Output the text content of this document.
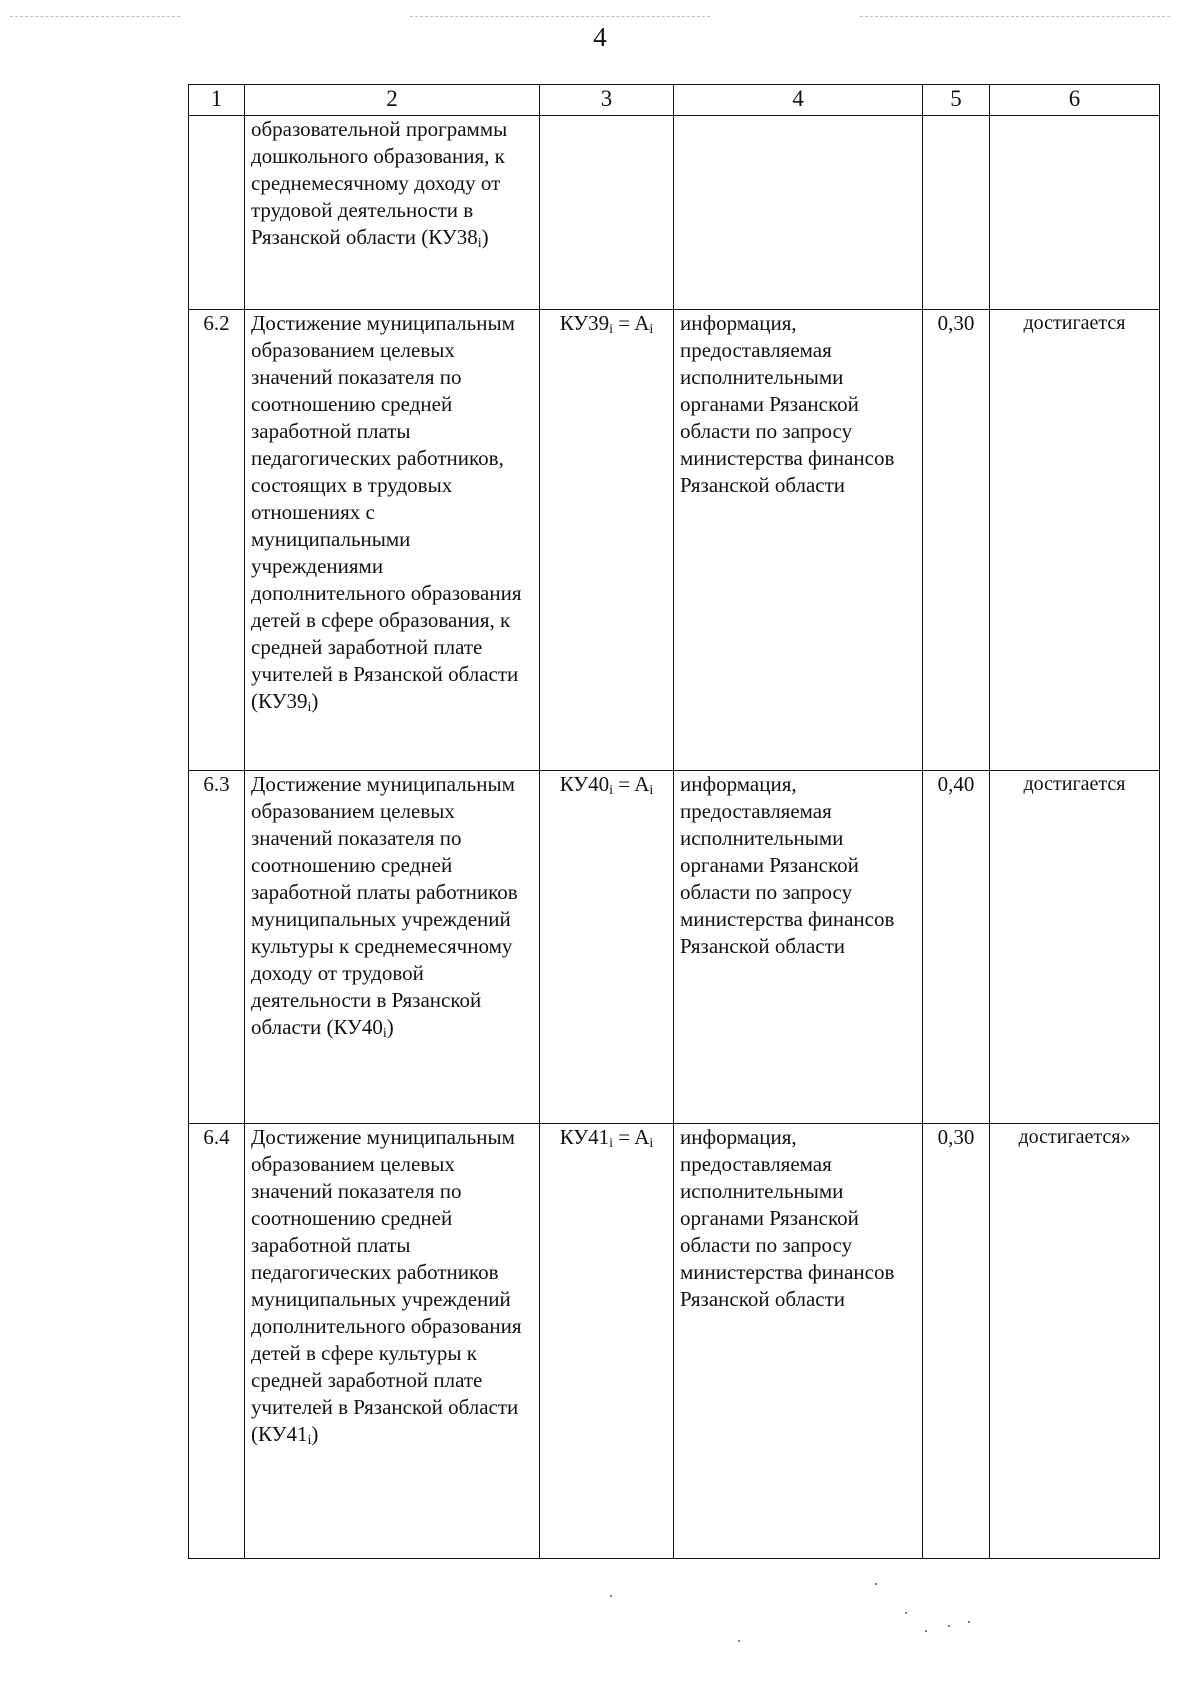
4
1	2	3	4	5	6
	образовательной программы дошкольного образования, к среднемесячному доходу от трудовой деятельности в Рязанской области $(КУ38_i)$				
6.2	Достижение муниципальным образованием целевых значений показателя по соотношению средней заработной платы педагогических работников, состоящих в трудовых отношениях с муниципальными учреждениями дополнительного образования детей в сфере образования, к средней заработной плате учителей в Рязанской области $(КУ39_i)$	$КУ39_i = A_i$	информация, предоставляемая исполнительными органами Рязанской области по запросу министерства финансов Рязанской области	0,30	достигается
6.3	Достижение муниципальным образованием целевых значений показателя по соотношению средней заработной платы работников муниципальных учреждений культуры к среднемесячному доходу от трудовой деятельности в Рязанской области $(КУ40_i)$	$КУ40_i = A_i$	информация, предоставляемая исполнительными органами Рязанской области по запросу министерства финансов Рязанской области	0,40	достигается
6.4	Достижение муниципальным образованием целевых значений показателя по соотношению средней заработной платы педагогических работников муниципальных учреждений дополнительного образования детей в сфере культуры к средней заработной плате учителей в Рязанской области $(КУ41_i)$	$КУ41_i = A_i$	информация, предоставляемая исполнительными органами Рязанской области по запросу министерства финансов Рязанской области	0,30	достигается»
